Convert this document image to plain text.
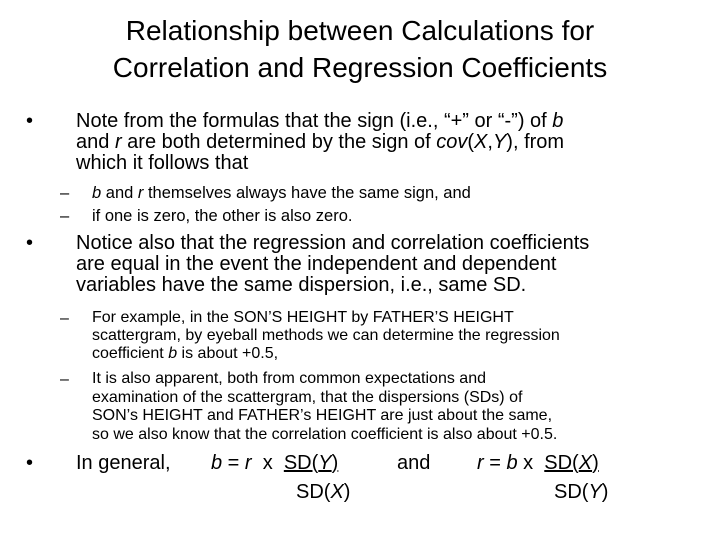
Relationship between Calculations for
Correlation and Regression Coefficients
• Note from the formulas that the sign (i.e., “+” or “-”) of b
and r are both determined by the sign of cov(X,Y), from
which it follows that
– b and r themselves always have the same sign, and
– if one is zero, the other is also zero.
• Notice also that the regression and correlation coefficients
are equal in the event the independent and dependent
variables have the same dispersion, i.e., same SD.
– For example, in the SON’S HEIGHT by FATHER’S HEIGHT
scattergram, by eyeball methods we can determine the regression
coefficient b is about +0.5,
– It is also apparent, both from common expectations and
examination of the scattergram, that the dispersions (SDs) of
SON’s HEIGHT and FATHER’s HEIGHT are just about the same,
so we also know that the correlation coefficient is also about +0.5.
• In general, b = r  x  SD(Y)
SD(X)
and r = b x  SD(X)
SD(Y)
